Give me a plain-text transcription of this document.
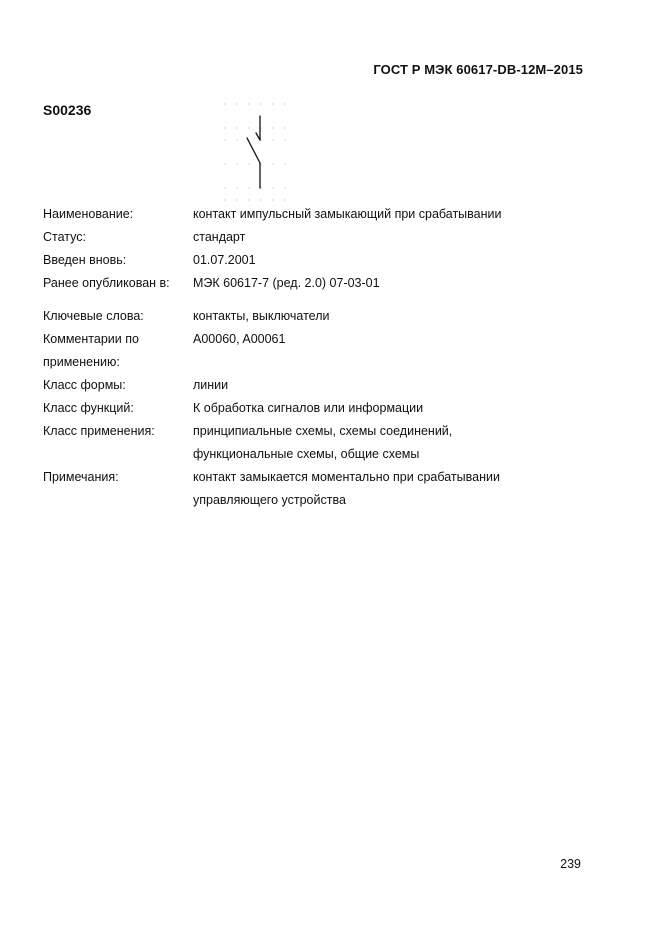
ГОСТ Р МЭК 60617-DB-12M–2015
S00236
Наименование:	контакт импульсный замыкающий при срабатывании
Статус:	стандарт
Введен вновь:	01.07.2001
Ранее опубликован в:	МЭК 60617-7 (ред. 2.0) 07-03-01
Ключевые слова:	контакты, выключатели
Комментарии по	A00060, A00061
применению:
Класс формы:	линии
Класс функций:	К обработка сигналов или информации
Класс применения:	принципиальные схемы, схемы соединений,
функциональные схемы, общие схемы
Примечания:	контакт замыкается моментально при срабатывании
управляющего устройства
239
